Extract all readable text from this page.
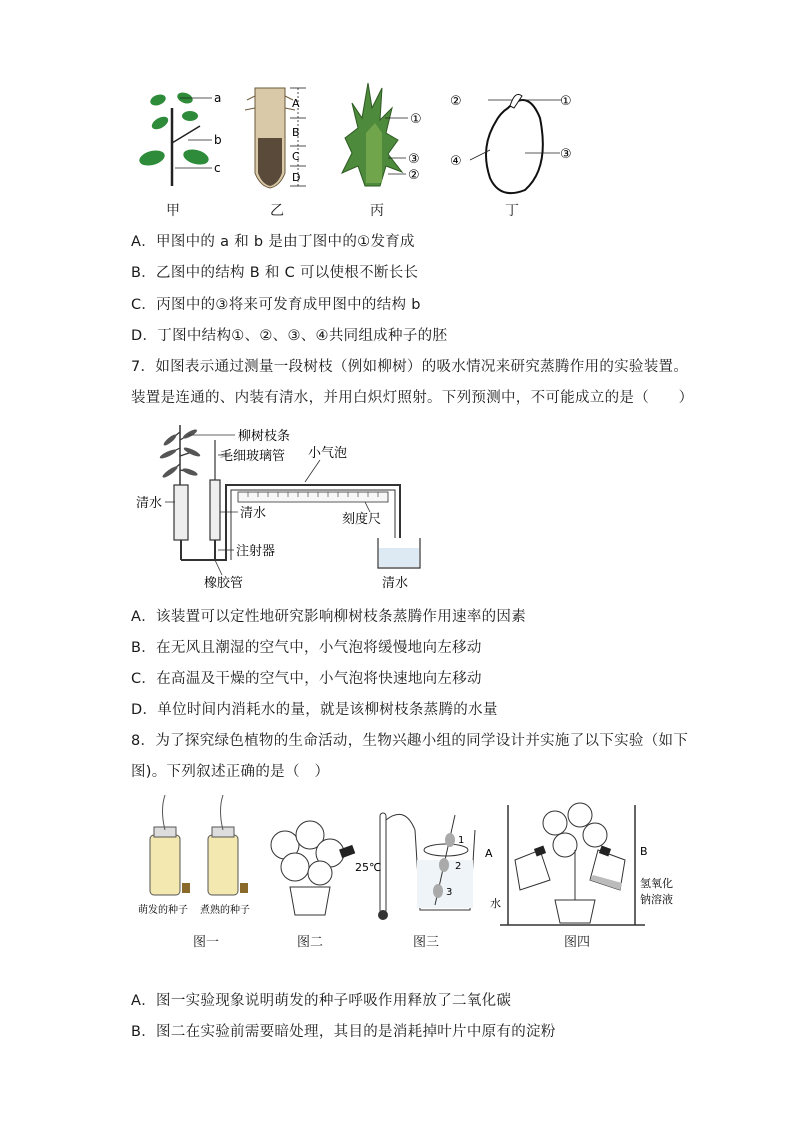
a
b
c
A
B
C
D
①
③
②
②	①
④	③
甲	乙	丙	丁
A．甲图中的 a 和 b 是由丁图中的①发育成
B．乙图中的结构 B 和 C 可以使根不断长长
C．丙图中的③将来可发育成甲图中的结构 b
D．丁图中结构①、②、③、④共同组成种子的胚
7．如图表示通过测量一段树枝（例如柳树）的吸水情况来研究蒸腾作用的实验装置。
装置是连通的、内装有清水，并用白炽灯照射。下列预测中，不可能成立的是（　　）
柳树枝条
毛细玻璃管 小气泡
清水
清水	刻度尺
注射器
橡胶管	清水
A．该装置可以定性地研究影响柳树枝条蒸腾作用速率的因素
B．在无风且潮湿的空气中，小气泡将缓慢地向左移动
C．在高温及干燥的空气中，小气泡将快速地向左移动
D．单位时间内消耗水的量，就是该柳树枝条蒸腾的水量
8．为了探究绿色植物的生命活动，生物兴趣小组的同学设计并实施了以下实验（如下
图)。下列叙述正确的是（　）
萌发的种子 煮熟的种子
25℃
1
2
3
A	B
水
氢氧化
钠溶液
图一	图二	图三	图四
A．图一实验现象说明萌发的种子呼吸作用释放了二氧化碳
B．图二在实验前需要暗处理，其目的是消耗掉叶片中原有的淀粉
